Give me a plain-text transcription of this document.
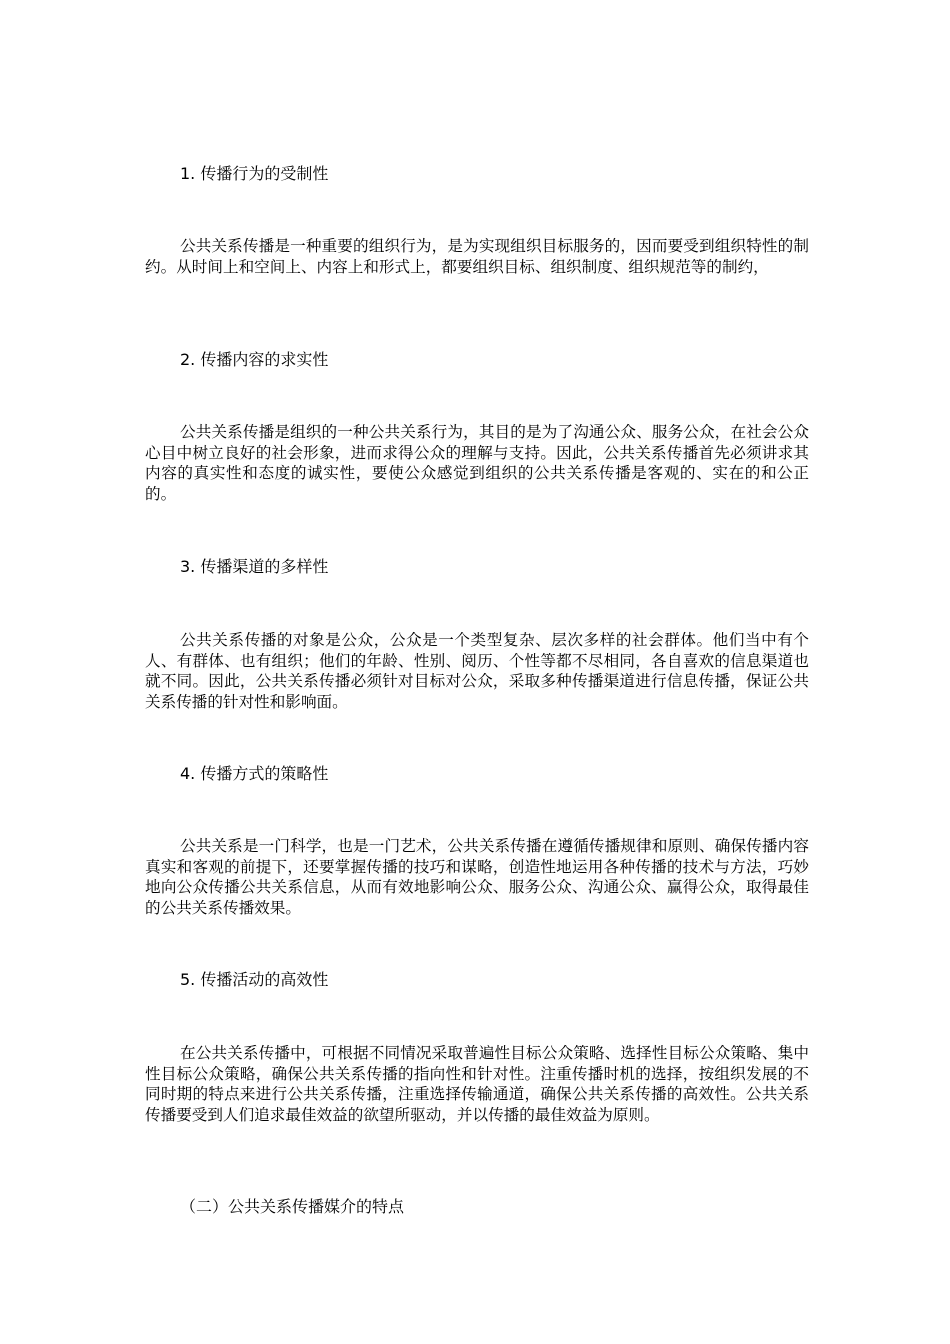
1. 传播行为的受制性

公共关系传播是一种重要的组织行为，是为实现组织目标服务的，因而要受到组织特性的制约。从时间上和空间上、内容上和形式上，都要组织目标、组织制度、组织规范等的制约，

2. 传播内容的求实性

公共关系传播是组织的一种公共关系行为，其目的是为了沟通公众、服务公众，在社会公众心目中树立良好的社会形象，进而求得公众的理解与支持。因此，公共关系传播首先必须讲求其内容的真实性和态度的诚实性，要使公众感觉到组织的公共关系传播是客观的、实在的和公正的。

3. 传播渠道的多样性

公共关系传播的对象是公众，公众是一个类型复杂、层次多样的社会群体。他们当中有个人、有群体、也有组织；他们的年龄、性别、阅历、个性等都不尽相同，各自喜欢的信息渠道也就不同。因此，公共关系传播必须针对目标对公众，采取多种传播渠道进行信息传播，保证公共关系传播的针对性和影响面。

4. 传播方式的策略性

公共关系是一门科学，也是一门艺术，公共关系传播在遵循传播规律和原则、确保传播内容真实和客观的前提下，还要掌握传播的技巧和谋略，创造性地运用各种传播的技术与方法，巧妙地向公众传播公共关系信息，从而有效地影响公众、服务公众、沟通公众、赢得公众，取得最佳的公共关系传播效果。

5. 传播活动的高效性

在公共关系传播中，可根据不同情况采取普遍性目标公众策略、选择性目标公众策略、集中性目标公众策略，确保公共关系传播的指向性和针对性。注重传播时机的选择，按组织发展的不同时期的特点来进行公共关系传播，注重选择传输通道，确保公共关系传播的高效性。公共关系传播要受到人们追求最佳效益的欲望所驱动，并以传播的最佳效益为原则。

（二）公共关系传播媒介的特点
